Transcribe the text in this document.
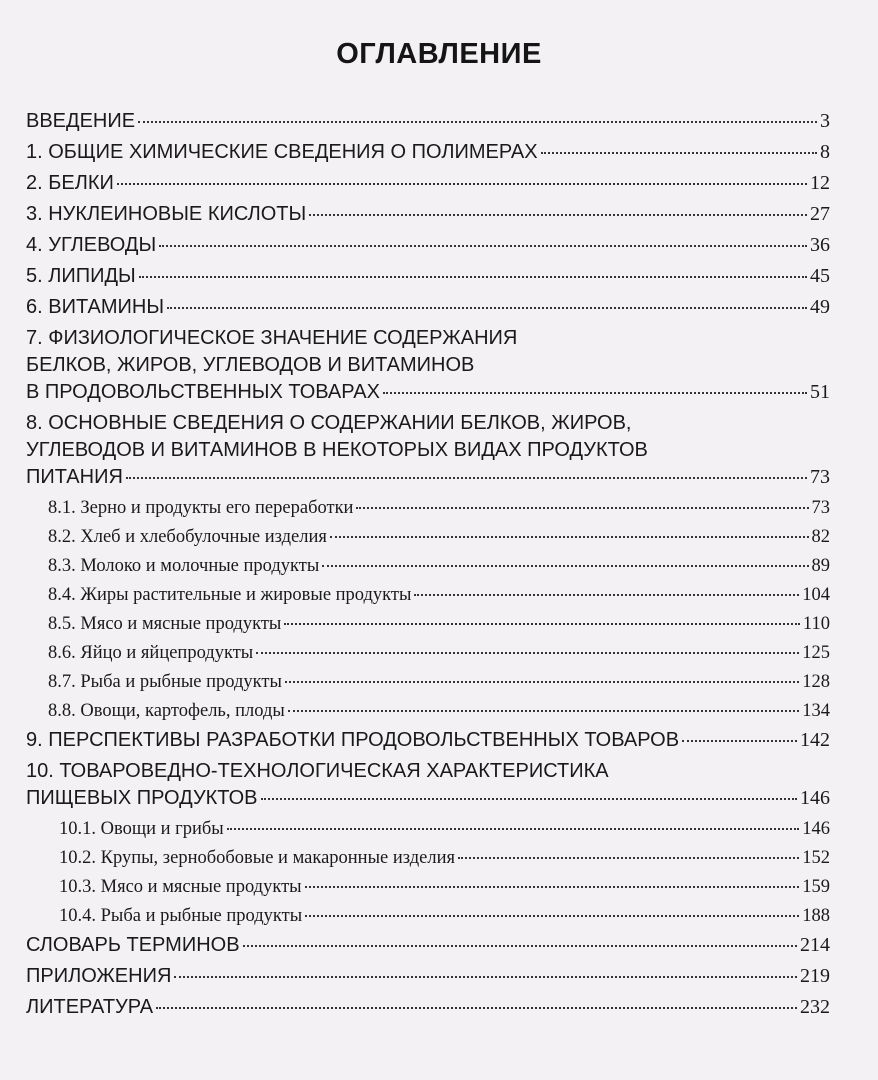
ОГЛАВЛЕНИЕ
ВВЕДЕНИЕ	3
1. ОБЩИЕ ХИМИЧЕСКИЕ СВЕДЕНИЯ О ПОЛИМЕРАХ	8
2. БЕЛКИ	12
3. НУКЛЕИНОВЫЕ КИСЛОТЫ	27
4. УГЛЕВОДЫ	36
5. ЛИПИДЫ	45
6. ВИТАМИНЫ	49
7. ФИЗИОЛОГИЧЕСКОЕ ЗНАЧЕНИЕ СОДЕРЖАНИЯ
БЕЛКОВ, ЖИРОВ, УГЛЕВОДОВ И ВИТАМИНОВ
В ПРОДОВОЛЬСТВЕННЫХ ТОВАРАХ	51
8. ОСНОВНЫЕ СВЕДЕНИЯ О СОДЕРЖАНИИ БЕЛКОВ, ЖИРОВ,
УГЛЕВОДОВ И ВИТАМИНОВ В НЕКОТОРЫХ ВИДАХ ПРОДУКТОВ
ПИТАНИЯ	73
8.1. Зерно и продукты его переработки	73
8.2. Хлеб и хлебобулочные изделия	82
8.3. Молоко и молочные продукты	89
8.4. Жиры растительные и жировые продукты	104
8.5. Мясо и мясные продукты	110
8.6. Яйцо и яйцепродукты	125
8.7. Рыба и рыбные продукты	128
8.8. Овощи, картофель, плоды	134
9. ПЕРСПЕКТИВЫ РАЗРАБОТКИ ПРОДОВОЛЬСТВЕННЫХ ТОВАРОВ	142
10. ТОВАРОВЕДНО-ТЕХНОЛОГИЧЕСКАЯ ХАРАКТЕРИСТИКА
ПИЩЕВЫХ ПРОДУКТОВ	146
10.1. Овощи и грибы	146
10.2. Крупы, зернобобовые и макаронные изделия	152
10.3. Мясо и мясные продукты	159
10.4. Рыба и рыбные продукты	188
СЛОВАРЬ ТЕРМИНОВ	214
ПРИЛОЖЕНИЯ	219
ЛИТЕРАТУРА	232
